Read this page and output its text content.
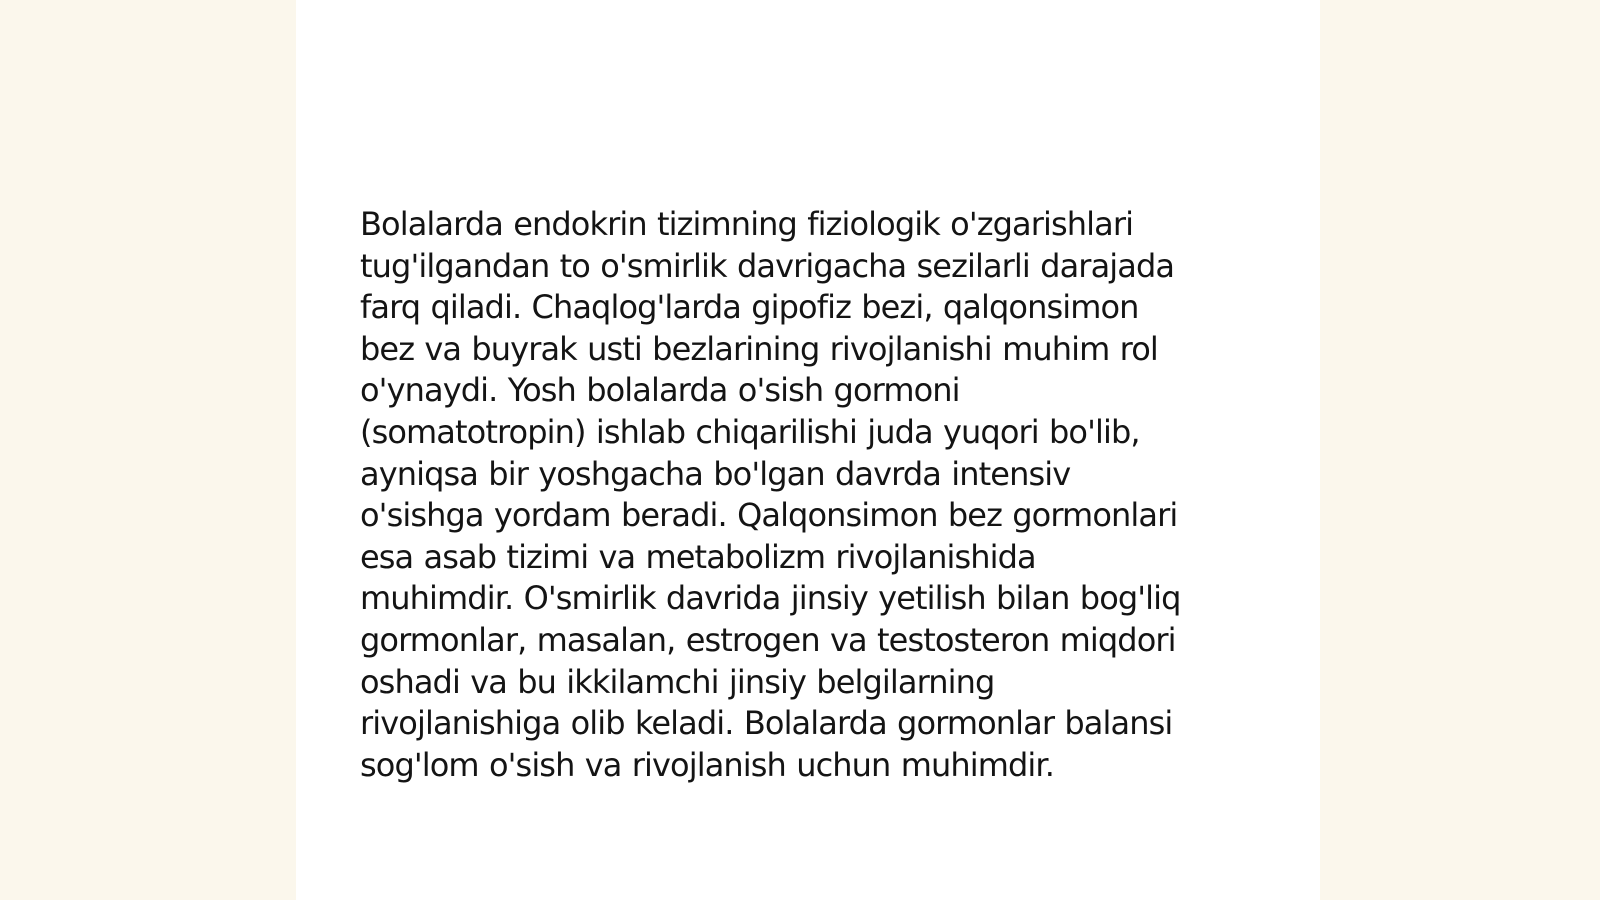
Bolalarda endokrin tizimning fiziologik o'zgarishlari
tug'ilgandan to o'smirlik davrigacha sezilarli darajada
farq qiladi. Chaqlog'larda gipofiz bezi, qalqonsimon
bez va buyrak usti bezlarining rivojlanishi muhim rol
o'ynaydi. Yosh bolalarda o'sish gormoni
(somatotropin) ishlab chiqarilishi juda yuqori bo'lib,
ayniqsa bir yoshgacha bo'lgan davrda intensiv
o'sishga yordam beradi. Qalqonsimon bez gormonlari
esa asab tizimi va metabolizm rivojlanishida
muhimdir. O'smirlik davrida jinsiy yetilish bilan bog'liq
gormonlar, masalan, estrogen va testosteron miqdori
oshadi va bu ikkilamchi jinsiy belgilarning
rivojlanishiga olib keladi. Bolalarda gormonlar balansi
sog'lom o'sish va rivojlanish uchun muhimdir.
